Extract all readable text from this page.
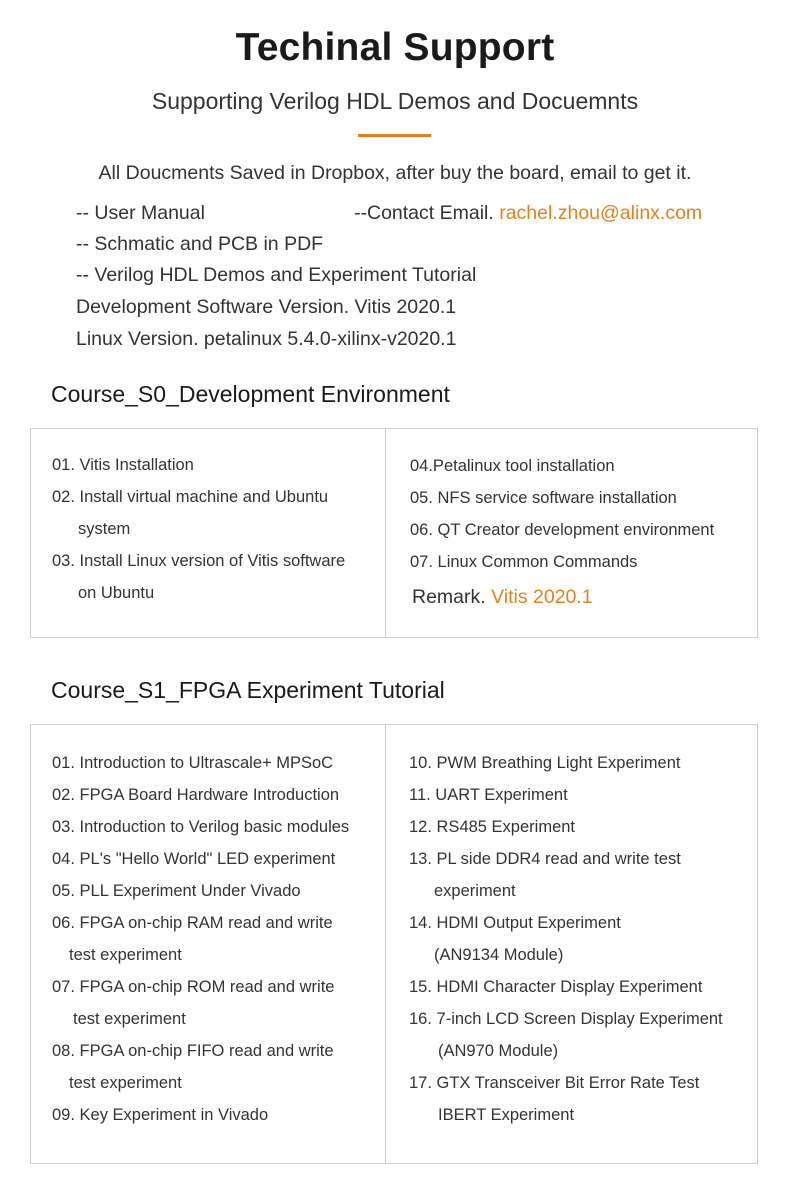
Techinal Support

Supporting Verilog HDL Demos and Docuemnts

All Doucments Saved in Dropbox, after buy the board, email to get it.
-- User Manual	--Contact Email. rachel.zhou@alinx.com
-- Schmatic and PCB in PDF
-- Verilog HDL Demos and Experiment Tutorial
Development Software Version. Vitis 2020.1
Linux Version. petalinux 5.4.0-xilinx-v2020.1
Course_S0_Development Environment
01. Vitis Installation
02. Install virtual machine and Ubuntu
system
03. Install Linux version of Vitis software
on Ubuntu
04.Petalinux tool installation
05. NFS service software installation
06. QT Creator development environment
07. Linux Common Commands
Remark. Vitis 2020.1
Course_S1_FPGA Experiment Tutorial
01. Introduction to Ultrascale+ MPSoC
02. FPGA Board Hardware Introduction
03. Introduction to Verilog basic modules
04. PL's "Hello World" LED experiment
05. PLL Experiment Under Vivado
06. FPGA on-chip RAM read and write
test experiment
07. FPGA on-chip ROM read and write
test experiment
08. FPGA on-chip FIFO read and write
test experiment
09. Key Experiment in Vivado
10. PWM Breathing Light Experiment
11. UART Experiment
12. RS485 Experiment
13. PL side DDR4 read and write test
experiment
14. HDMI Output Experiment
(AN9134 Module)
15. HDMI Character Display Experiment
16. 7-inch LCD Screen Display Experiment
(AN970 Module)
17. GTX Transceiver Bit Error Rate Test
IBERT Experiment
